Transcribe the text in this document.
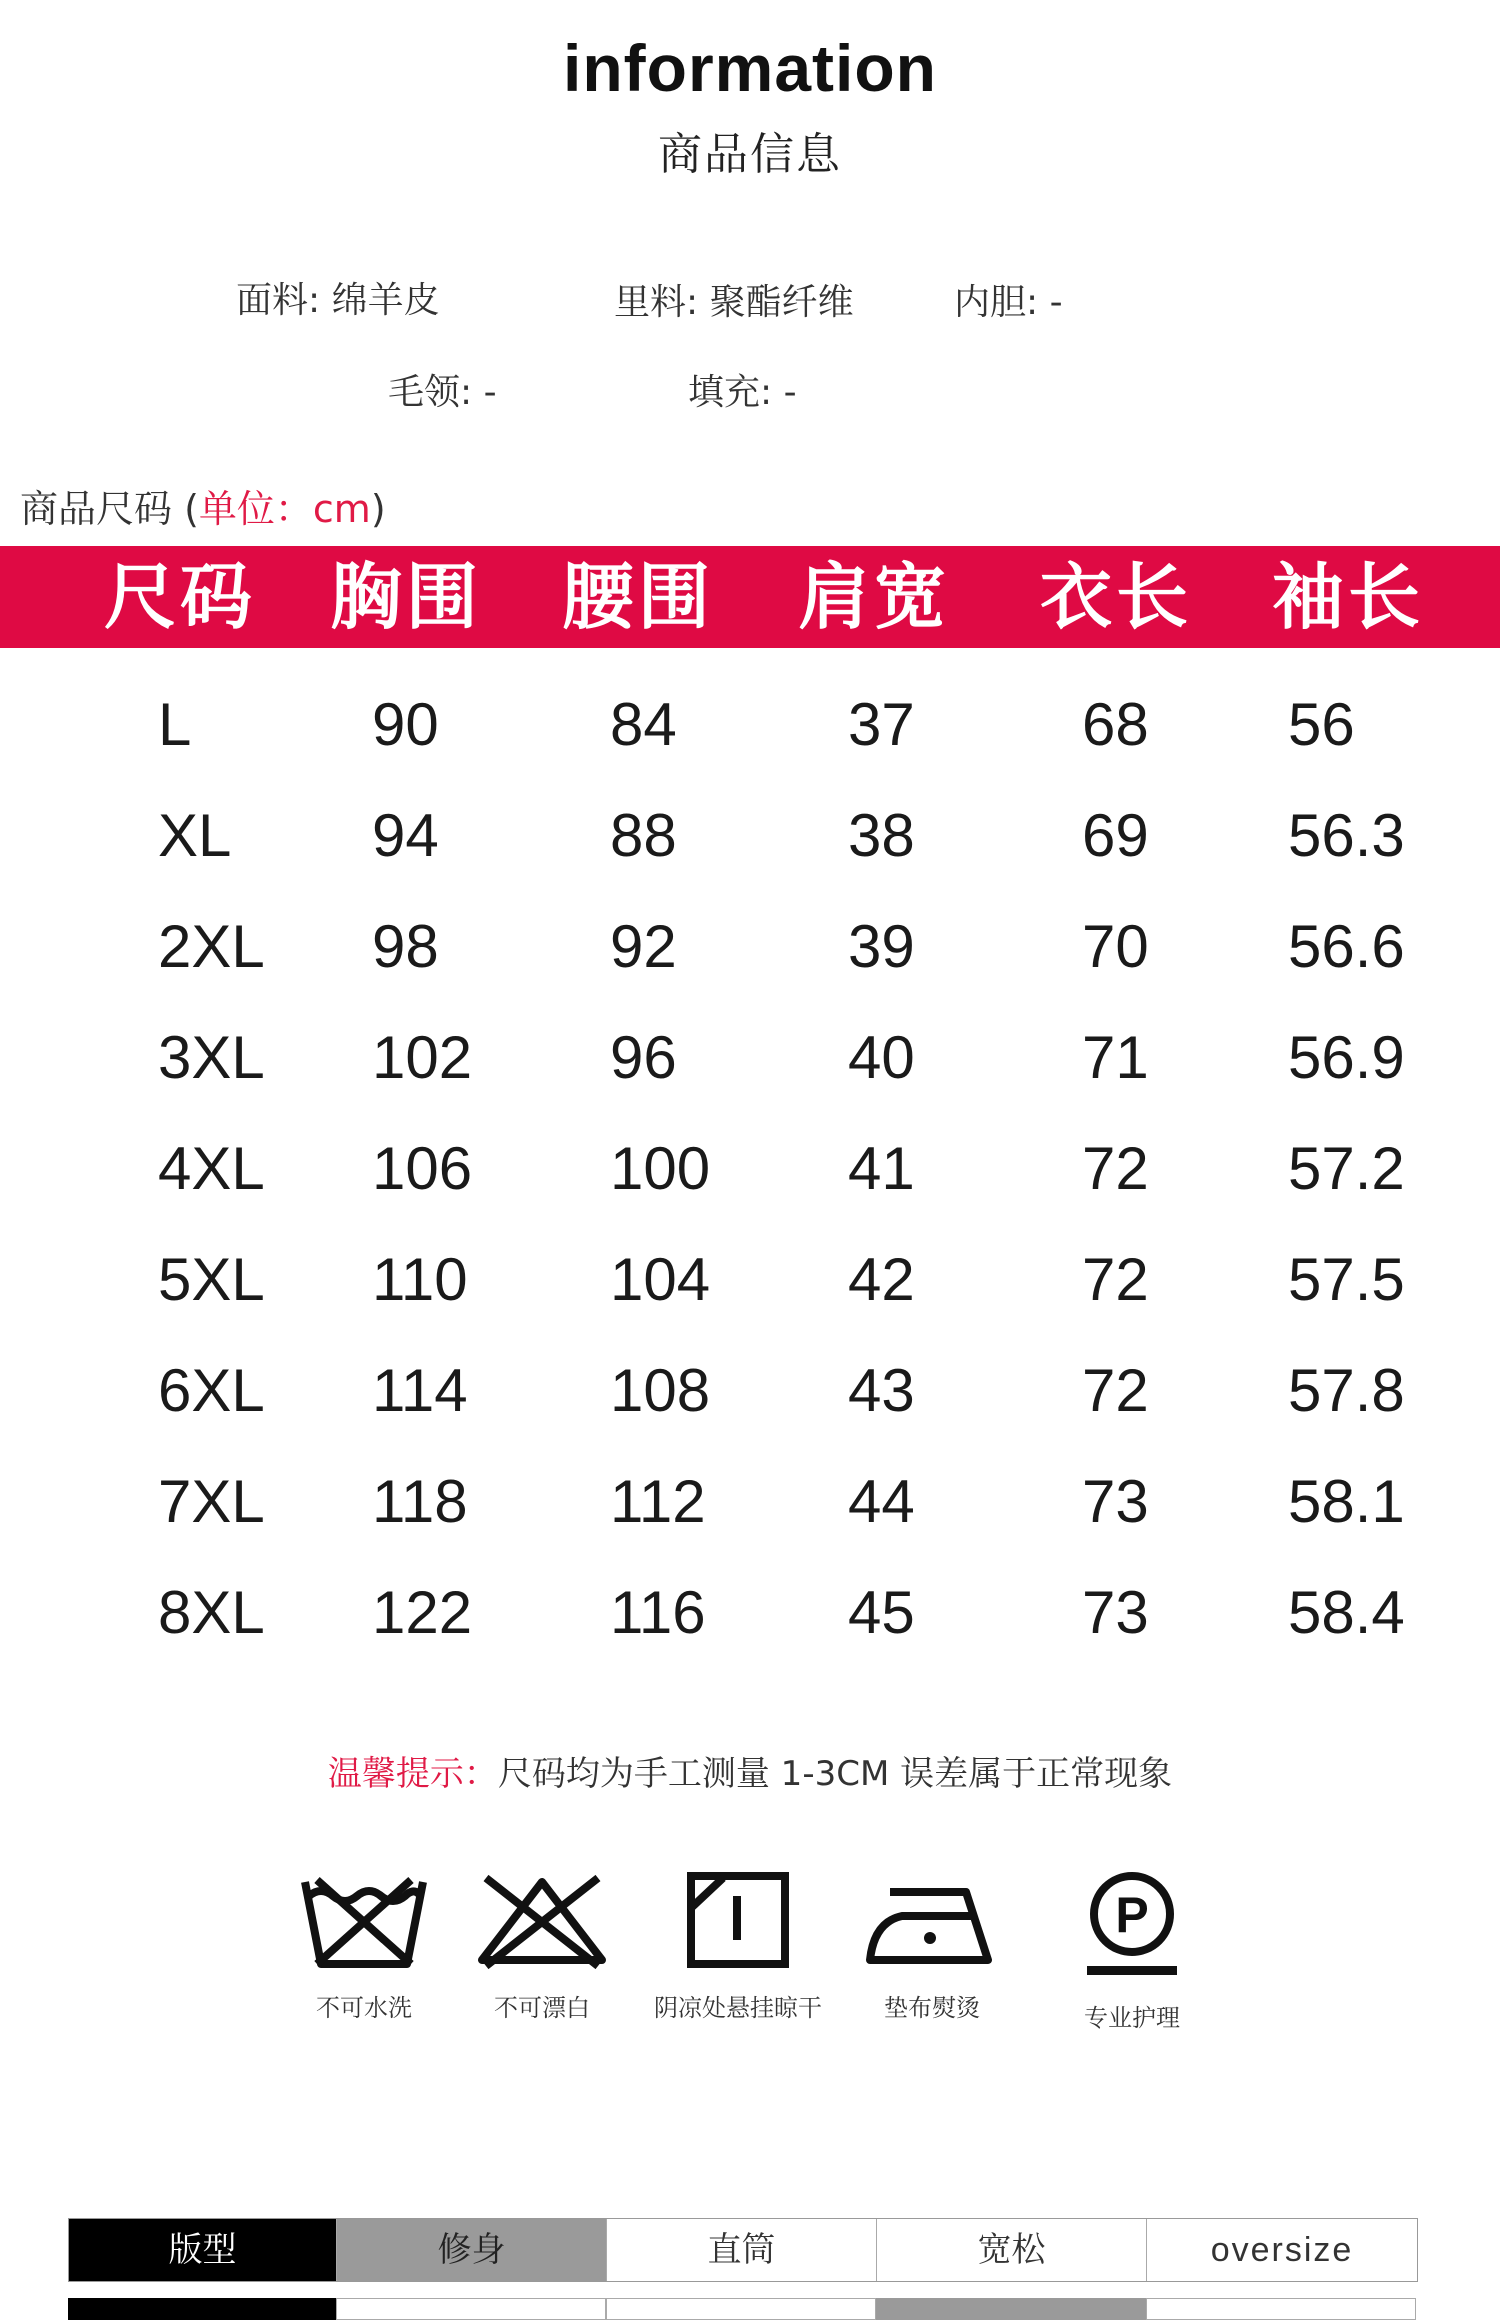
information
商品信息
面料: 绵羊皮	里料: 聚酯纤维	内胆: -
毛领: -	填充: -
商品尺码 (单位：cm)
尺码 胸围 腰围 肩宽 衣长 袖长
L	90	84	37	68 56
XL 94	88	38	69 56.3
2XL 98	92	39	70 56.6
3XL 102 96	40	71 56.9
4XL 106 100 41	72 57.2
5XL 110 104 42	72 57.5
6XL 114 108 43	72 57.8
7XL 118 112 44	73 58.1
8XL 122 116 45	73 58.4
温馨提示：尺码均为手工测量 1-3CM 误差属于正常现象
不可水洗	不可漂白	阴凉处悬挂晾干	垫布熨烫
P
专业护理
版型	修身	直筒	宽松	oversize
